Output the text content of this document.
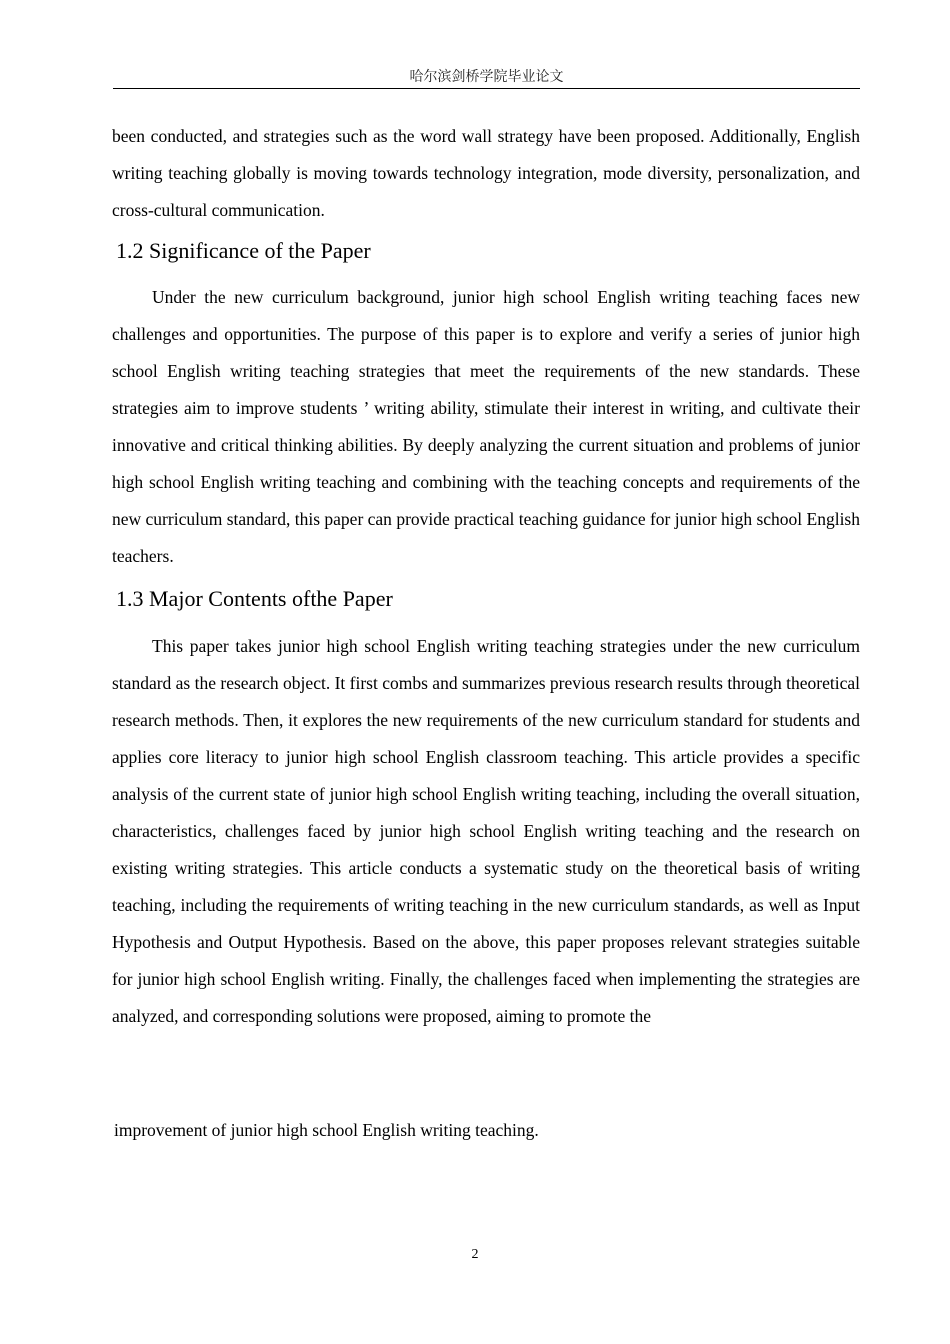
哈尔滨剑桥学院毕业论文

been conducted, and strategies such as the word wall strategy have been proposed. Additionally, English writing teaching globally is moving towards technology integration, mode diversity, personalization, and cross-cultural communication.

1.2 Significance of the Paper

Under the new curriculum background, junior high school English writing teaching faces new challenges and opportunities. The purpose of this paper is to explore and verify a series of junior high school English writing teaching strategies that meet the requirements of the new standards. These strategies aim to improve students ’ writing ability, stimulate their interest in writing, and cultivate their innovative and critical thinking abilities. By deeply analyzing the current situation and problems of junior high school English writing teaching and combining with the teaching concepts and requirements of the new curriculum standard, this paper can provide practical teaching guidance for junior high school English teachers.

1.3 Major Contents ofthe Paper

This paper takes junior high school English writing teaching strategies under the new curriculum standard as the research object. It first combs and summarizes previous research results through theoretical research methods. Then, it explores the new requirements of the new curriculum standard for students and applies core literacy to junior high school English classroom teaching. This article provides a specific analysis of the current state of junior high school English writing teaching, including the overall situation, characteristics, challenges faced by junior high school English writing teaching and the research on existing writing strategies. This article conducts a systematic study on the theoretical basis of writing teaching, including the requirements of writing teaching in the new curriculum standards, as well as Input Hypothesis and Output Hypothesis. Based on the above, this paper proposes relevant strategies suitable for junior high school English writing. Finally, the challenges faced when implementing the strategies are analyzed, and corresponding solutions were proposed, aiming to promote the

improvement of junior high school English writing teaching.

2
